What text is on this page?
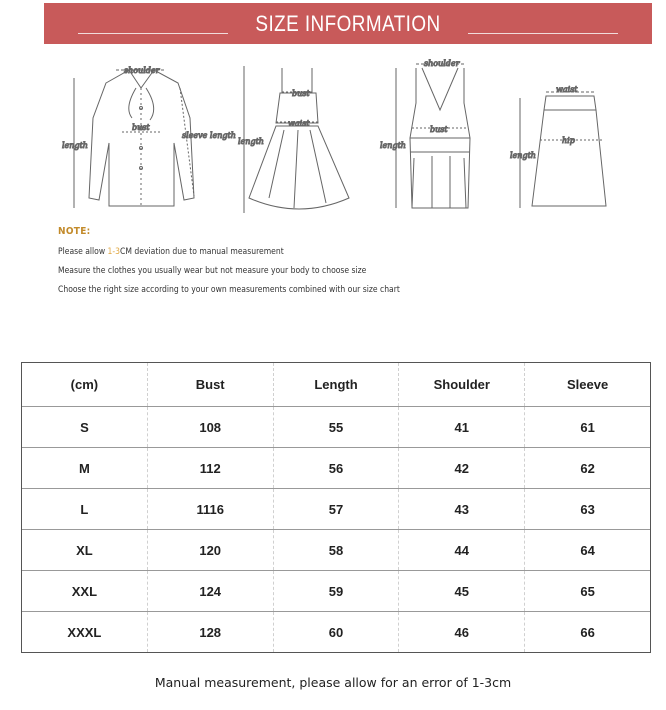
SIZE INFORMATION
shoulder
bust
length
sleeve length
bust
waist
length
shoulder
bust
length
waist
hip
length
NOTE:
Please allow 1-3CM deviation due to manual measurement
Measure the clothes you usually wear but not measure your body to choose size
Choose the right size according to your own measurements combined with our size chart
(cm)	Bust	Length	Shoulder	Sleeve
S	108	55	41	61
M	112	56	42	62
L	1116	57	43	63
XL	120	58	44	64
XXL	124	59	45	65
XXXL	128	60	46	66
Manual measurement, please allow for an error of 1-3cm
